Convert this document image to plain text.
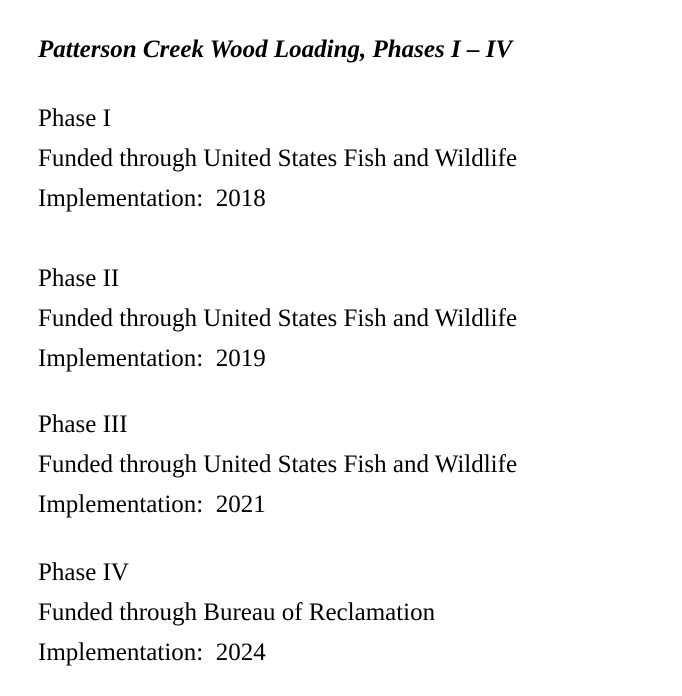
Patterson Creek Wood Loading, Phases I – IV
Phase I
Funded through United States Fish and Wildlife
Implementation:  2018
Phase II
Funded through United States Fish and Wildlife
Implementation:  2019
Phase III
Funded through United States Fish and Wildlife
Implementation:  2021
Phase IV
Funded through Bureau of Reclamation
Implementation:  2024
